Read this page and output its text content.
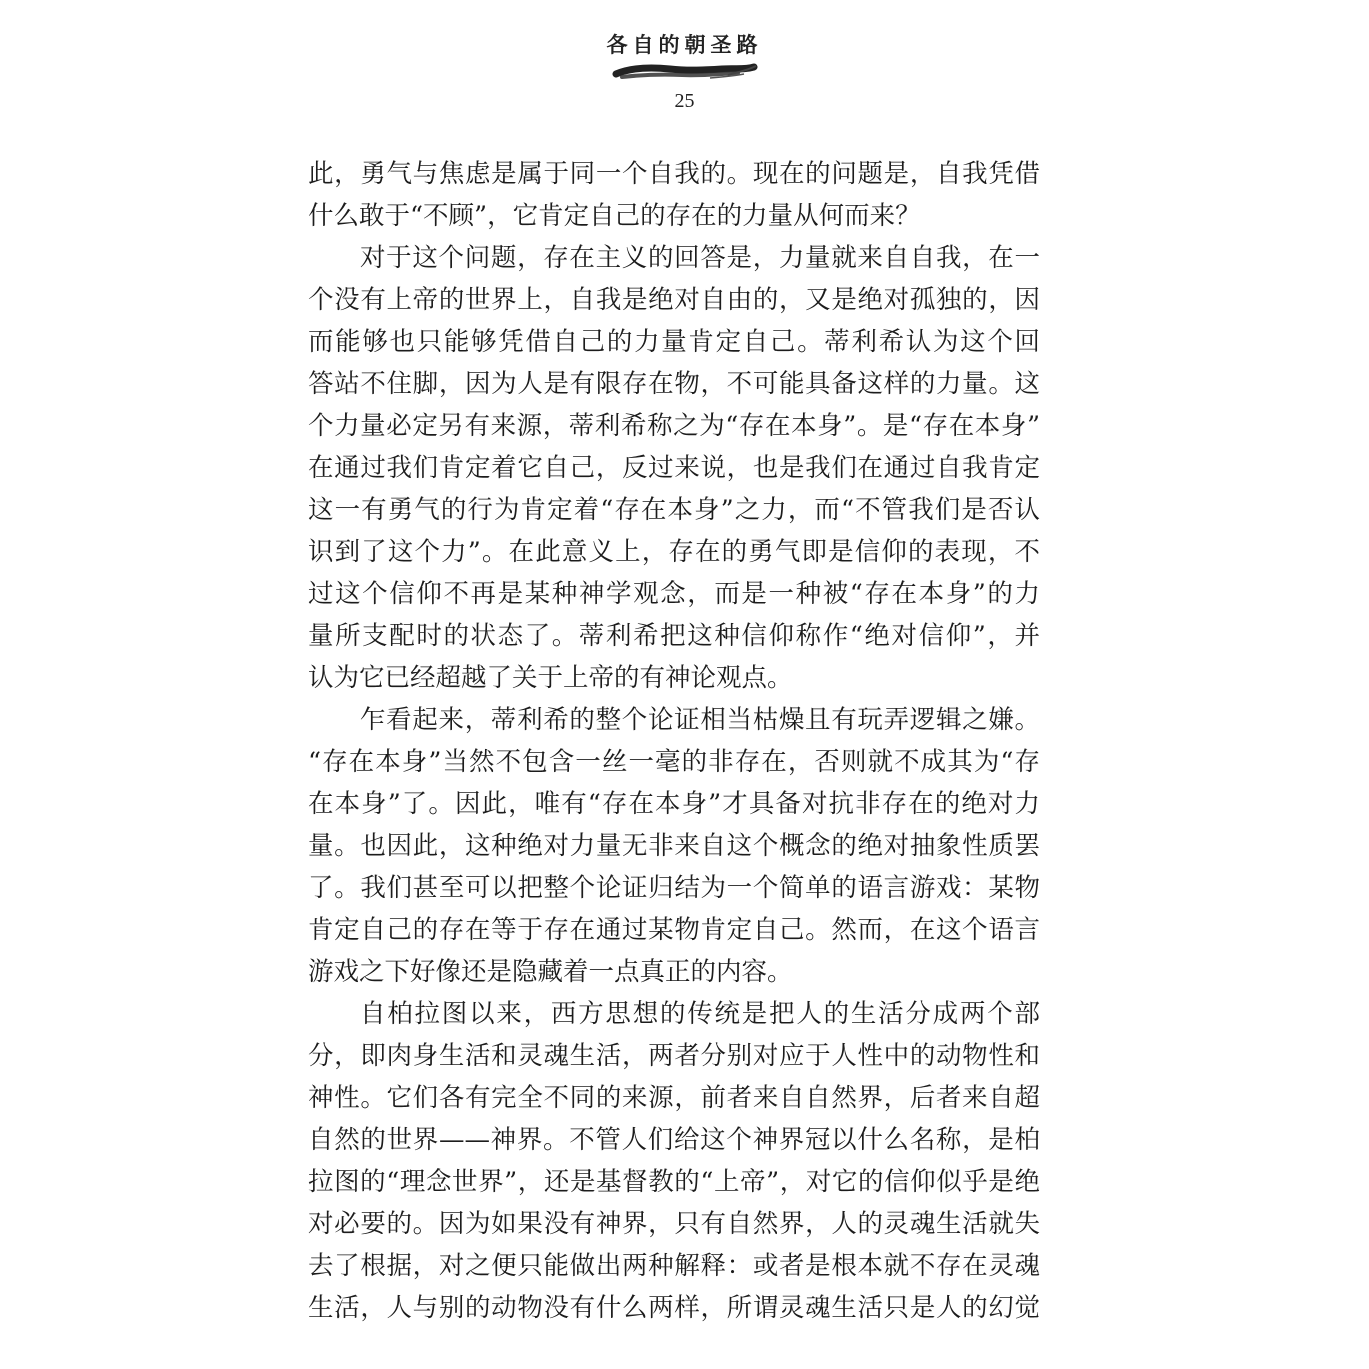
各自的朝圣路
25
此，勇气与焦虑是属于同一个自我的。现在的问题是，自我凭借
什么敢于“不顾”，它肯定自己的存在的力量从何而来？
对于这个问题，存在主义的回答是，力量就来自自我，在一
个没有上帝的世界上，自我是绝对自由的，又是绝对孤独的，因
而能够也只能够凭借自己的力量肯定自己。蒂利希认为这个回
答站不住脚，因为人是有限存在物，不可能具备这样的力量。这
个力量必定另有来源，蒂利希称之为“存在本身”。是“存在本身”
在通过我们肯定着它自己，反过来说，也是我们在通过自我肯定
这一有勇气的行为肯定着“存在本身”之力，而“不管我们是否认
识到了这个力”。在此意义上，存在的勇气即是信仰的表现，不
过这个信仰不再是某种神学观念，而是一种被“存在本身”的力
量所支配时的状态了。蒂利希把这种信仰称作“绝对信仰”，并
认为它已经超越了关于上帝的有神论观点。
乍看起来，蒂利希的整个论证相当枯燥且有玩弄逻辑之嫌。
“存在本身”当然不包含一丝一毫的非存在，否则就不成其为“存
在本身”了。因此，唯有“存在本身”才具备对抗非存在的绝对力
量。也因此，这种绝对力量无非来自这个概念的绝对抽象性质罢
了。我们甚至可以把整个论证归结为一个简单的语言游戏：某物
肯定自己的存在等于存在通过某物肯定自己。然而，在这个语言
游戏之下好像还是隐藏着一点真正的内容。
自柏拉图以来，西方思想的传统是把人的生活分成两个部
分，即肉身生活和灵魂生活，两者分别对应于人性中的动物性和
神性。它们各有完全不同的来源，前者来自自然界，后者来自超
自然的世界——神界。不管人们给这个神界冠以什么名称，是柏
拉图的“理念世界”，还是基督教的“上帝”，对它的信仰似乎是绝
对必要的。因为如果没有神界，只有自然界，人的灵魂生活就失
去了根据，对之便只能做出两种解释：或者是根本就不存在灵魂
生活，人与别的动物没有什么两样，所谓灵魂生活只是人的幻觉
